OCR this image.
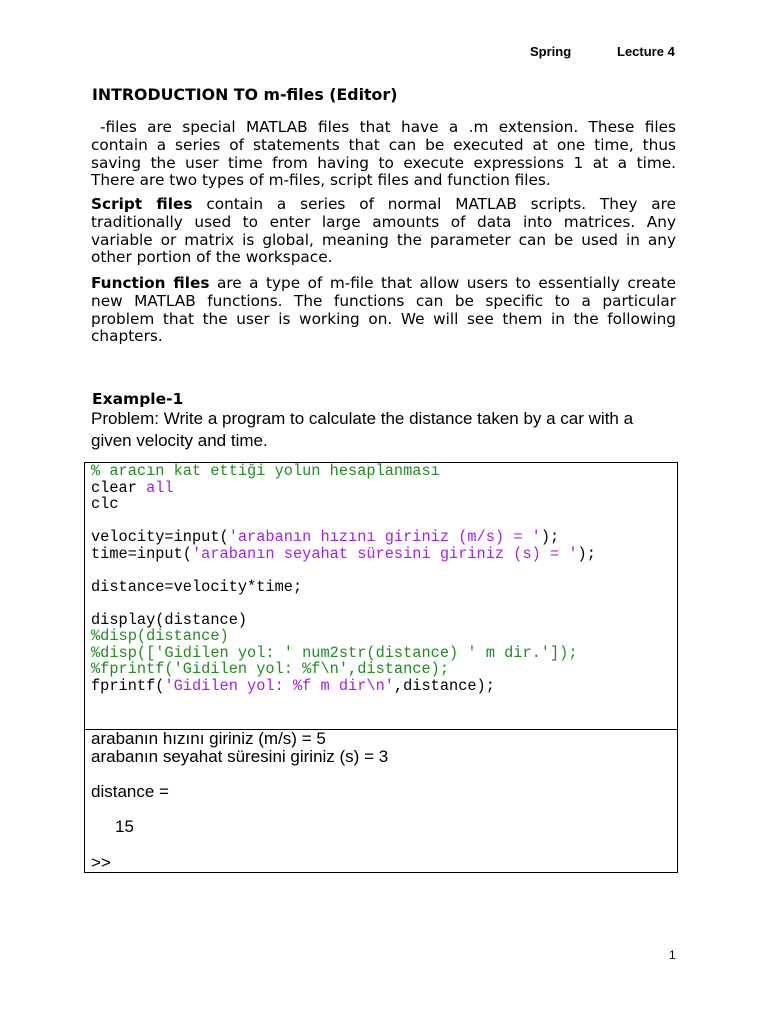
Spring	Lecture 4
INTRODUCTION TO m-files (Editor)
-files are special MATLAB files that have a .m extension. These files
contain a series of statements that can be executed at one time, thus
saving the user time from having to execute expressions 1 at a time.
There are two types of m-files, script files and function files.
Script files contain a series of normal MATLAB scripts. They are
traditionally used to enter large amounts of data into matrices. Any
variable or matrix is global, meaning the parameter can be used in any
other portion of the workspace.
Function files are a type of m-file that allow users to essentially create
new MATLAB functions. The functions can be specific to a particular
problem that the user is working on. We will see them in the following
chapters.
Example-1
Problem: Write a program to calculate the distance taken by a car with a
given velocity and time.
% aracın kat ettiği yolun hesaplanması
clear all
clc
velocity=input('arabanın hızını giriniz (m/s) = ');
time=input('arabanın seyahat süresini giriniz (s) = ');
distance=velocity*time;
display(distance)
%disp(distance)
%disp(['Gidilen yol: ' num2str(distance) ' m dir.']);
%fprintf('Gidilen yol: %f\n',distance);
fprintf('Gidilen yol: %f m dir\n',distance);
arabanın hızını giriniz (m/s) = 5
arabanın seyahat süresini giriniz (s) = 3
distance =
15
>>
1
